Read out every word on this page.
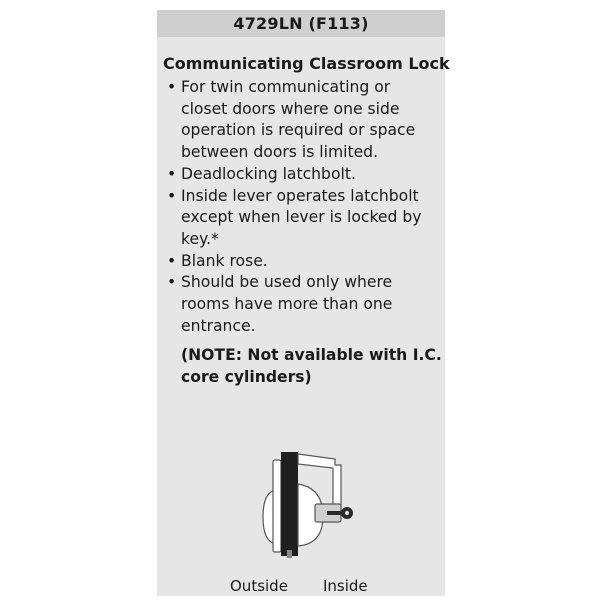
4729LN (F113)
Communicating Classroom Lock
• For twin communicating or closet doors where one side operation is required or space between doors is limited.
• Deadlocking latchbolt.
• Inside lever operates latchbolt except when lever is locked by key.*
• Blank rose.
• Should be used only where rooms have more than one entrance.
(NOTE: Not available with I.C. core cylinders)
Outside Inside
